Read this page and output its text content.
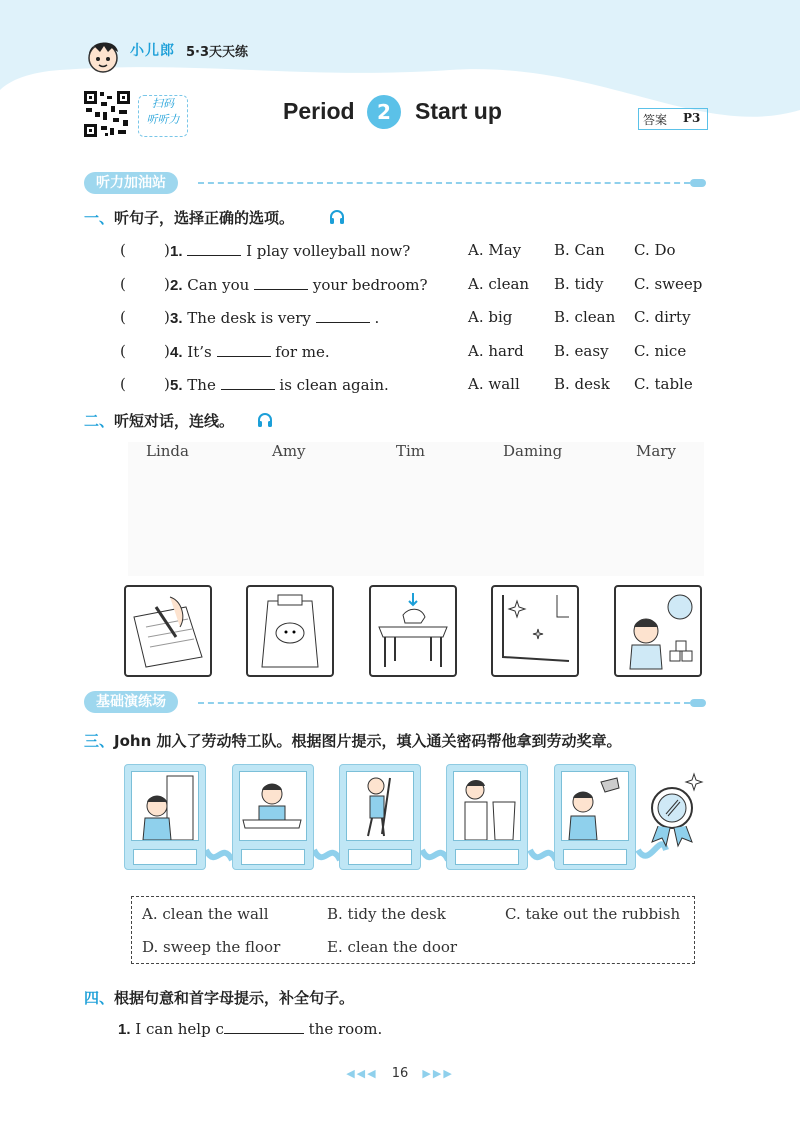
小儿郎 5·3天天练
扫码
听听力	Period	2	Start up	答案 P3
听力加油站
一、听句子，选择正确的选项。
(	) 1.	I play volleyball now?	A. May B. Can C. Do
(	) 2. Can you	your bedroom?	A. clean B. tidy C. sweep
(	) 3. The desk is very	.	A. big	B. clean C. dirty
(	) 4. It’s	for me.	A. hard B. easy C. nice
(	) 5. The	is clean again.	A. wall B. desk C. table
二、听短对话，连线。
Linda	Amy	Tim	Daming	Mary
基础演练场
三、John 加入了劳动特工队。根据图片提示，填入通关密码帮他拿到劳动奖章。
A. clean the wall	B. tidy the desk	C. take out the rubbish
D. sweep the floor	E. clean the door
四、根据句意和首字母提示，补全句子。
1. I can help c	the room.
◀◀◀ 16 ▶▶▶
